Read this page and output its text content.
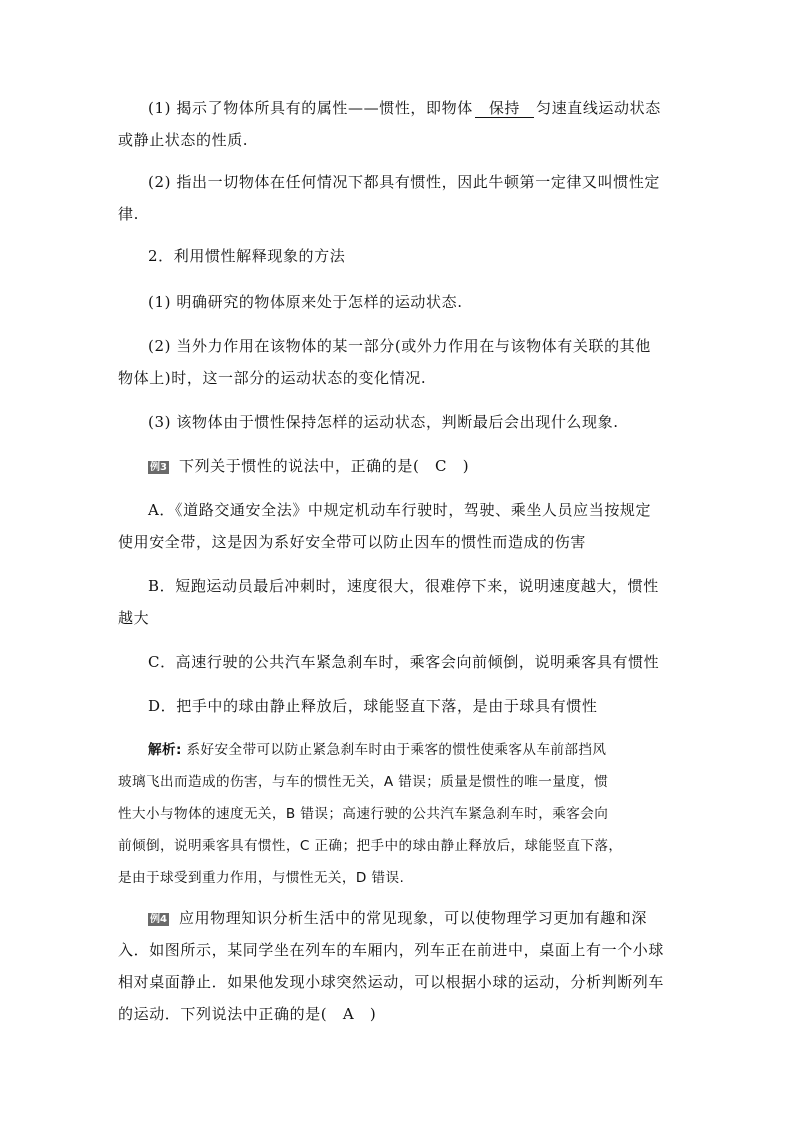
(1) 揭示了物体所具有的属性——惯性，即物体 保持 匀速直线运动状态
或静止状态的性质.
(2) 指出一切物体在任何情况下都具有惯性，因此牛顿第一定律又叫惯性定
律.
2．利用惯性解释现象的方法
(1) 明确研究的物体原来处于怎样的运动状态.
(2) 当外力作用在该物体的某一部分(或外力作用在与该物体有关联的其他
物体上)时，这一部分的运动状态的变化情况.
(3) 该物体由于惯性保持怎样的运动状态，判断最后会出现什么现象.
例3 下列关于惯性的说法中，正确的是(　C　)
A．《道路交通安全法》中规定机动车行驶时，驾驶、乘坐人员应当按规定
使用安全带，这是因为系好安全带可以防止因车的惯性而造成的伤害
B．短跑运动员最后冲刺时，速度很大，很难停下来，说明速度越大，惯性
越大
C．高速行驶的公共汽车紧急刹车时，乘客会向前倾倒，说明乘客具有惯性
D．把手中的球由静止释放后，球能竖直下落，是由于球具有惯性
解析: 系好安全带可以防止紧急刹车时由于乘客的惯性使乘客从车前部挡风
玻璃飞出而造成的伤害，与车的惯性无关，A 错误；质量是惯性的唯一量度，惯
性大小与物体的速度无关，B 错误；高速行驶的公共汽车紧急刹车时，乘客会向
前倾倒，说明乘客具有惯性，C 正确；把手中的球由静止释放后，球能竖直下落，
是由于球受到重力作用，与惯性无关，D 错误.
例4 应用物理知识分析生活中的常见现象，可以使物理学习更加有趣和深
入．如图所示，某同学坐在列车的车厢内，列车正在前进中，桌面上有一个小球
相对桌面静止．如果他发现小球突然运动，可以根据小球的运动，分析判断列车
的运动．下列说法中正确的是(　A　)
